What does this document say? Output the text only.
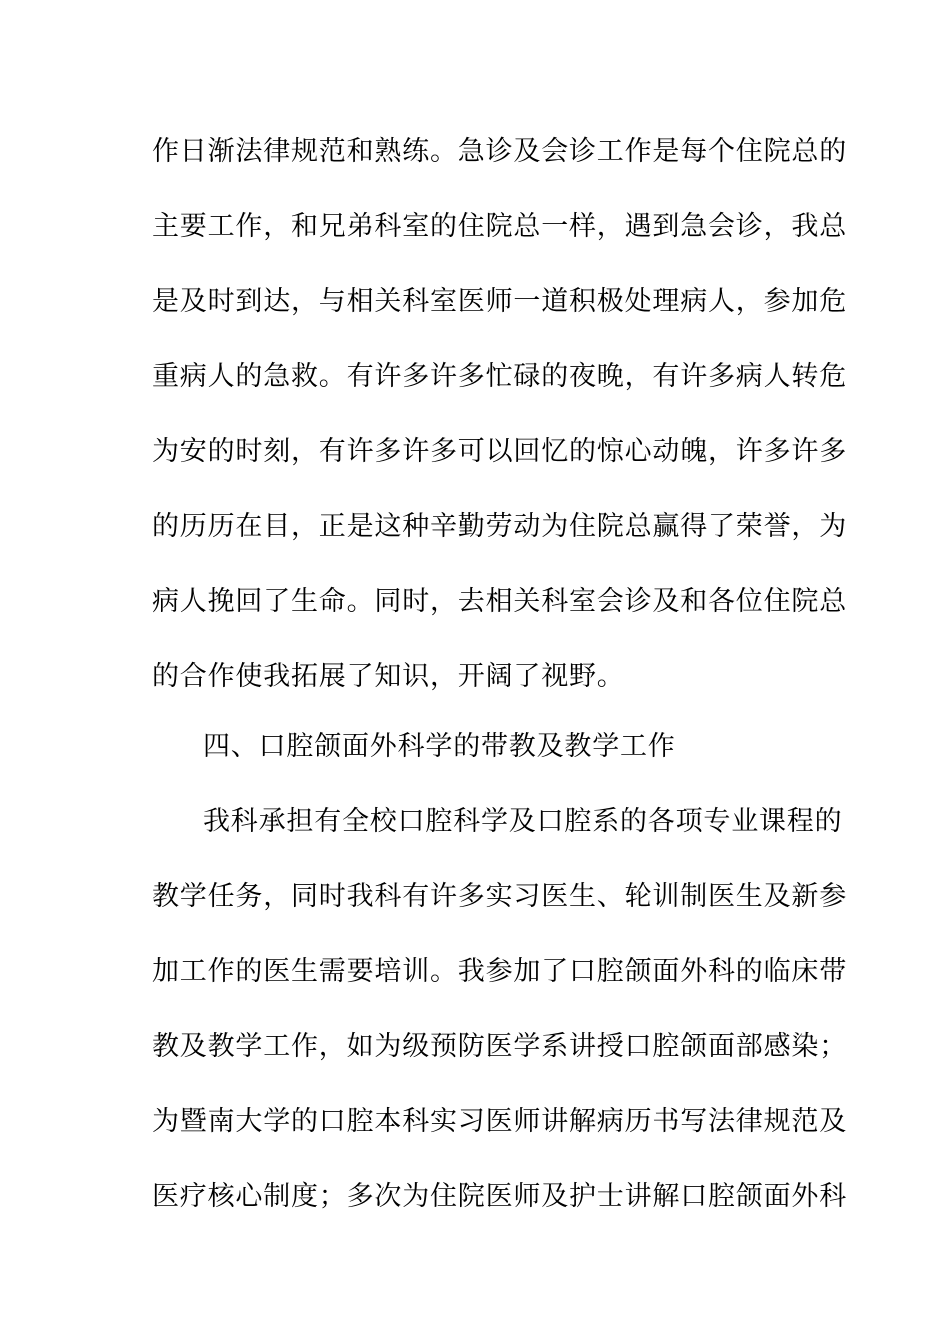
作日渐法律规范和熟练。急诊及会诊工作是每个住院总的
主要工作，和兄弟科室的住院总一样，遇到急会诊，我总
是及时到达，与相关科室医师一道积极处理病人，参加危
重病人的急救。有许多许多忙碌的夜晚，有许多病人转危
为安的时刻，有许多许多可以回忆的惊心动魄，许多许多
的历历在目，正是这种辛勤劳动为住院总赢得了荣誉，为
病人挽回了生命。同时，去相关科室会诊及和各位住院总
的合作使我拓展了知识，开阔了视野。
四、口腔颌面外科学的带教及教学工作
我科承担有全校口腔科学及口腔系的各项专业课程的
教学任务，同时我科有许多实习医生、轮训制医生及新参
加工作的医生需要培训。我参加了口腔颌面外科的临床带
教及教学工作，如为级预防医学系讲授口腔颌面部感染；
为暨南大学的口腔本科实习医师讲解病历书写法律规范及
医疗核心制度；多次为住院医师及护士讲解口腔颌面外科
